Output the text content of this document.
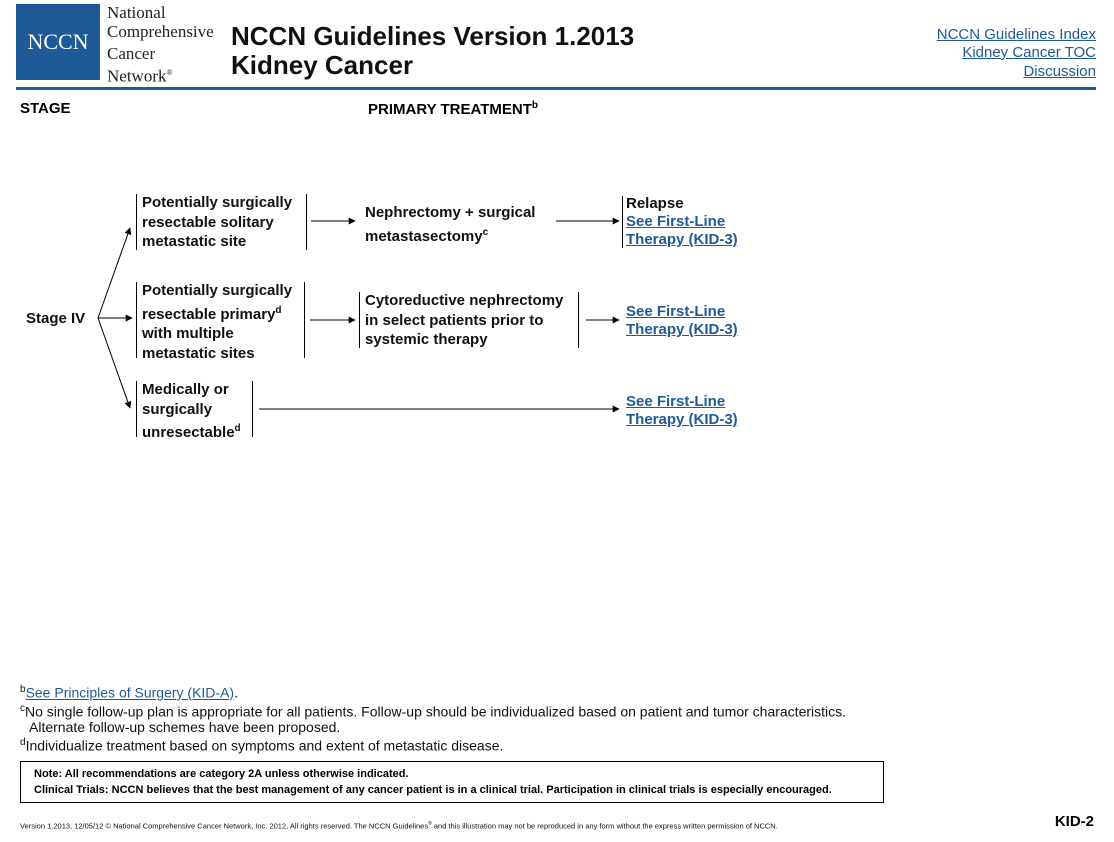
NCCN
National
Comprehensive
Cancer
Network®
NCCN Guidelines Version 1.2013
Kidney Cancer
NCCN Guidelines Index
Kidney Cancer TOC
Discussion
STAGE	PRIMARY TREATMENT$^b$
Stage IV
Potentially surgically
resectable solitary
metastatic site
Nephrectomy + surgical
metastasectomy$^c$
Relapse
See First-Line
Therapy (KID-3)
Potentially surgically
resectable primary$^d$
with multiple
metastatic sites
Cytoreductive nephrectomy
in select patients prior to
systemic therapy
See First-Line
Therapy (KID-3)
Medically or
surgically
unresectable$^d$
See First-Line
Therapy (KID-3)
$^b$See Principles of Surgery (KID-A).
$^c$No single follow-up plan is appropriate for all patients. Follow-up should be individualized based on patient and tumor characteristics.
Alternate follow-up schemes have been proposed.
$^d$Individualize treatment based on symptoms and extent of metastatic disease.
Note: All recommendations are category 2A unless otherwise indicated.
Clinical Trials: NCCN believes that the best management of any cancer patient is in a clinical trial. Participation in clinical trials is especially encouraged.
Version 1.2013, 12/05/12 © National Comprehensive Cancer Network, Inc. 2012, All rights reserved. The NCCN Guidelines® and this illustration may not be reproduced in any form without the express written permission of NCCN.	KID-2
